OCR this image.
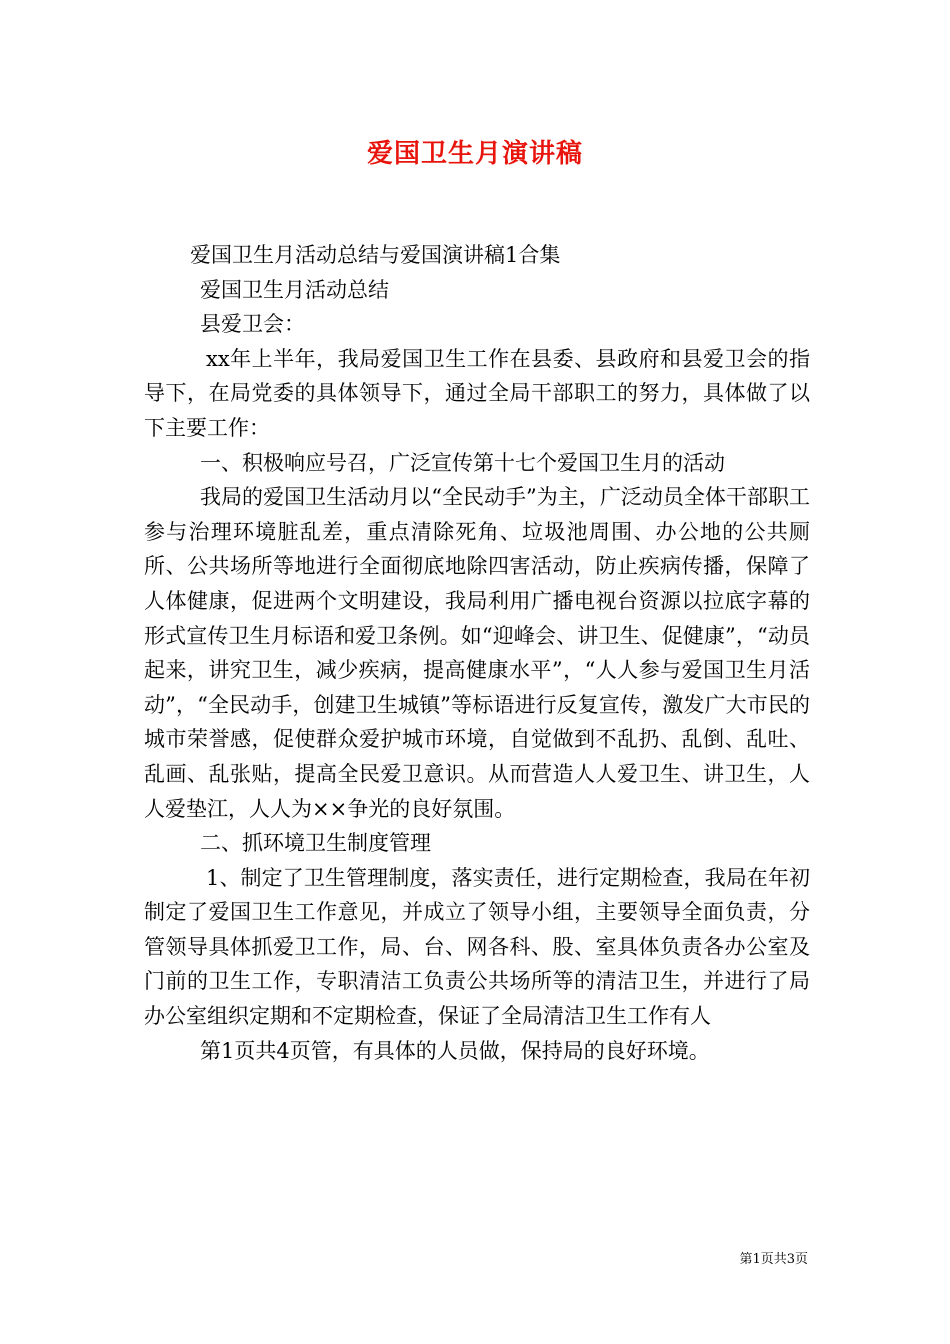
爱国卫生月演讲稿

爱国卫生月活动总结与爱国演讲稿1合集

爱国卫生月活动总结

县爱卫会：

xx年上半年，我局爱国卫生工作在县委、县政府和县爱卫会的指导下，在局党委的具体领导下，通过全局干部职工的努力，具体做了以下主要工作：

一、积极响应号召，广泛宣传第十七个爱国卫生月的活动

我局的爱国卫生活动月以“全民动手”为主，广泛动员全体干部职工参与治理环境脏乱差，重点清除死角、垃圾池周围、办公地的公共厕所、公共场所等地进行全面彻底地除四害活动，防止疾病传播，保障了人体健康，促进两个文明建设，我局利用广播电视台资源以拉底字幕的形式宣传卫生月标语和爱卫条例。如“迎峰会、讲卫生、促健康”，“动员起来，讲究卫生，减少疾病，提高健康水平”，“人人参与爱国卫生月活动”，“全民动手，创建卫生城镇”等标语进行反复宣传，激发广大市民的城市荣誉感，促使群众爱护城市环境，自觉做到不乱扔、乱倒、乱吐、乱画、乱张贴，提高全民爱卫意识。从而营造人人爱卫生、讲卫生，人人爱垫江，人人为××争光的良好氛围。

二、抓环境卫生制度管理

1、制定了卫生管理制度，落实责任，进行定期检查，我局在年初制定了爱国卫生工作意见，并成立了领导小组，主要领导全面负责，分管领导具体抓爱卫工作，局、台、网各科、股、室具体负责各办公室及门前的卫生工作，专职清洁工负责公共场所等的清洁卫生，并进行了局办公室组织定期和不定期检查，保证了全局清洁卫生工作有人

第1页共4页管，有具体的人员做，保持局的良好环境。

第1页共3页
